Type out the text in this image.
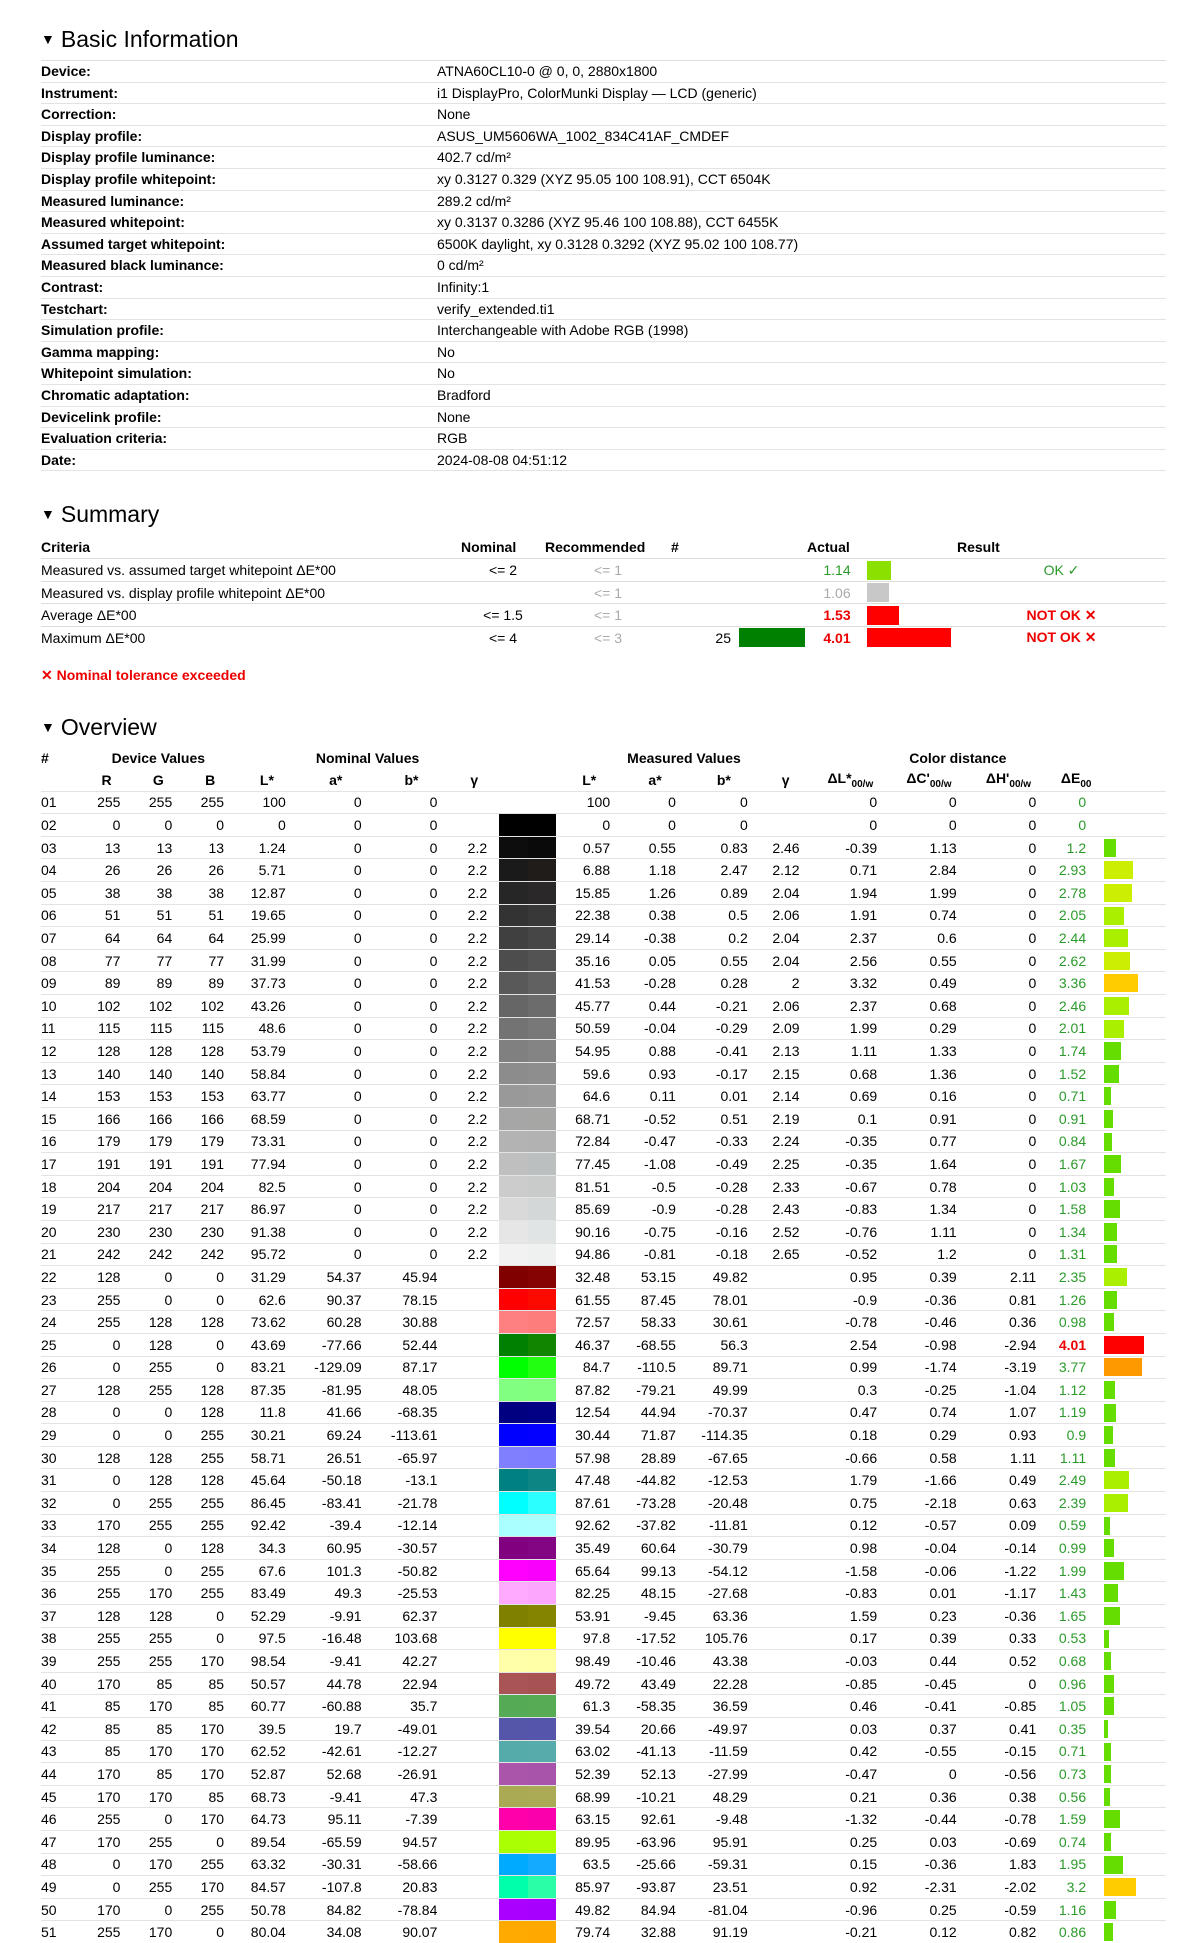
▼ Basic Information
Device:	ATNA60CL10-0 @ 0, 0, 2880x1800
Instrument:	i1 DisplayPro, ColorMunki Display — LCD (generic)
Correction:	None
Display profile:	ASUS_UM5606WA_1002_834C41AF_CMDEF
Display profile luminance:	402.7 cd/m²
Display profile whitepoint:	xy 0.3127 0.329 (XYZ 95.05 100 108.91), CCT 6504K
Measured luminance:	289.2 cd/m²
Measured whitepoint:	xy 0.3137 0.3286 (XYZ 95.46 100 108.88), CCT 6455K
Assumed target whitepoint:	6500K daylight, xy 0.3128 0.3292 (XYZ 95.02 100 108.77)
Measured black luminance:	0 cd/m²
Contrast:	Infinity:1
Testchart:	verify_extended.ti1
Simulation profile:	Interchangeable with Adobe RGB (1998)
Gamma mapping:	No
Whitepoint simulation:	No
Chromatic adaptation:	Bradford
Devicelink profile:	None
Evaluation criteria:	RGB
Date:	2024-08-08 04:51:12
▼ Summary
Criteria	Nominal	Recommended	#		Actual		Result
Measured vs. assumed target whitepoint ΔE*00	<= 2	<= 1			1.14		OK ✓
Measured vs. display profile whitepoint ΔE*00		<= 1			1.06		
Average ΔE*00	<= 1.5	<= 1			1.53		NOT OK ✕
Maximum ΔE*00	<= 4	<= 3	25		4.01		NOT OK ✕
✕ Nominal tolerance exceeded
▼ Overview
#	Device Values			Nominal Values					Measured Values				Color distance				
	R	G	B	L*	a*	b*	γ		L*	a*	b*	γ	$\Delta L*_{00/w}$	$\Delta C'_{00/w}$	$\Delta H'_{00/w}$	$\Delta E_{00}$	
01	255	255	255	100	0	0			100	0	0		0	0	0	0	
02	0	0	0	0	0	0			0	0	0		0	0	0	0	
03	13	13	13	1.24	0	0	2.2		0.57	0.55	0.83	2.46	-0.39	1.13	0	1.2	
04	26	26	26	5.71	0	0	2.2		6.88	1.18	2.47	2.12	0.71	2.84	0	2.93	
05	38	38	38	12.87	0	0	2.2		15.85	1.26	0.89	2.04	1.94	1.99	0	2.78	
06	51	51	51	19.65	0	0	2.2		22.38	0.38	0.5	2.06	1.91	0.74	0	2.05	
07	64	64	64	25.99	0	0	2.2		29.14	-0.38	0.2	2.04	2.37	0.6	0	2.44	
08	77	77	77	31.99	0	0	2.2		35.16	0.05	0.55	2.04	2.56	0.55	0	2.62	
09	89	89	89	37.73	0	0	2.2		41.53	-0.28	0.28	2	3.32	0.49	0	3.36	
10	102	102	102	43.26	0	0	2.2		45.77	0.44	-0.21	2.06	2.37	0.68	0	2.46	
11	115	115	115	48.6	0	0	2.2		50.59	-0.04	-0.29	2.09	1.99	0.29	0	2.01	
12	128	128	128	53.79	0	0	2.2		54.95	0.88	-0.41	2.13	1.11	1.33	0	1.74	
13	140	140	140	58.84	0	0	2.2		59.6	0.93	-0.17	2.15	0.68	1.36	0	1.52	
14	153	153	153	63.77	0	0	2.2		64.6	0.11	0.01	2.14	0.69	0.16	0	0.71	
15	166	166	166	68.59	0	0	2.2		68.71	-0.52	0.51	2.19	0.1	0.91	0	0.91	
16	179	179	179	73.31	0	0	2.2		72.84	-0.47	-0.33	2.24	-0.35	0.77	0	0.84	
17	191	191	191	77.94	0	0	2.2		77.45	-1.08	-0.49	2.25	-0.35	1.64	0	1.67	
18	204	204	204	82.5	0	0	2.2		81.51	-0.5	-0.28	2.33	-0.67	0.78	0	1.03	
19	217	217	217	86.97	0	0	2.2		85.69	-0.9	-0.28	2.43	-0.83	1.34	0	1.58	
20	230	230	230	91.38	0	0	2.2		90.16	-0.75	-0.16	2.52	-0.76	1.11	0	1.34	
21	242	242	242	95.72	0	0	2.2		94.86	-0.81	-0.18	2.65	-0.52	1.2	0	1.31	
22	128	0	0	31.29	54.37	45.94			32.48	53.15	49.82		0.95	0.39	2.11	2.35	
23	255	0	0	62.6	90.37	78.15			61.55	87.45	78.01		-0.9	-0.36	0.81	1.26	
24	255	128	128	73.62	60.28	30.88			72.57	58.33	30.61		-0.78	-0.46	0.36	0.98	
25	0	128	0	43.69	-77.66	52.44			46.37	-68.55	56.3		2.54	-0.98	-2.94	4.01	
26	0	255	0	83.21	-129.09	87.17			84.7	-110.5	89.71		0.99	-1.74	-3.19	3.77	
27	128	255	128	87.35	-81.95	48.05			87.82	-79.21	49.99		0.3	-0.25	-1.04	1.12	
28	0	0	128	11.8	41.66	-68.35			12.54	44.94	-70.37		0.47	0.74	1.07	1.19	
29	0	0	255	30.21	69.24	-113.61			30.44	71.87	-114.35		0.18	0.29	0.93	0.9	
30	128	128	255	58.71	26.51	-65.97			57.98	28.89	-67.65		-0.66	0.58	1.11	1.11	
31	0	128	128	45.64	-50.18	-13.1			47.48	-44.82	-12.53		1.79	-1.66	0.49	2.49	
32	0	255	255	86.45	-83.41	-21.78			87.61	-73.28	-20.48		0.75	-2.18	0.63	2.39	
33	170	255	255	92.42	-39.4	-12.14			92.62	-37.82	-11.81		0.12	-0.57	0.09	0.59	
34	128	0	128	34.3	60.95	-30.57			35.49	60.64	-30.79		0.98	-0.04	-0.14	0.99	
35	255	0	255	67.6	101.3	-50.82			65.64	99.13	-54.12		-1.58	-0.06	-1.22	1.99	
36	255	170	255	83.49	49.3	-25.53			82.25	48.15	-27.68		-0.83	0.01	-1.17	1.43	
37	128	128	0	52.29	-9.91	62.37			53.91	-9.45	63.36		1.59	0.23	-0.36	1.65	
38	255	255	0	97.5	-16.48	103.68			97.8	-17.52	105.76		0.17	0.39	0.33	0.53	
39	255	255	170	98.54	-9.41	42.27			98.49	-10.46	43.38		-0.03	0.44	0.52	0.68	
40	170	85	85	50.57	44.78	22.94			49.72	43.49	22.28		-0.85	-0.45	0	0.96	
41	85	170	85	60.77	-60.88	35.7			61.3	-58.35	36.59		0.46	-0.41	-0.85	1.05	
42	85	85	170	39.5	19.7	-49.01			39.54	20.66	-49.97		0.03	0.37	0.41	0.35	
43	85	170	170	62.52	-42.61	-12.27			63.02	-41.13	-11.59		0.42	-0.55	-0.15	0.71	
44	170	85	170	52.87	52.68	-26.91			52.39	52.13	-27.99		-0.47	0	-0.56	0.73	
45	170	170	85	68.73	-9.41	47.3			68.99	-10.21	48.29		0.21	0.36	0.38	0.56	
46	255	0	170	64.73	95.11	-7.39			63.15	92.61	-9.48		-1.32	-0.44	-0.78	1.59	
47	170	255	0	89.54	-65.59	94.57			89.95	-63.96	95.91		0.25	0.03	-0.69	0.74	
48	0	170	255	63.32	-30.31	-58.66			63.5	-25.66	-59.31		0.15	-0.36	1.83	1.95	
49	0	255	170	84.57	-107.8	20.83			85.97	-93.87	23.51		0.92	-2.31	-2.02	3.2	
50	170	0	255	50.78	84.82	-78.84			49.82	84.94	-81.04		-0.96	0.25	-0.59	1.16	
51	255	170	0	80.04	34.08	90.07			79.74	32.88	91.19		-0.21	0.12	0.82	0.86	
